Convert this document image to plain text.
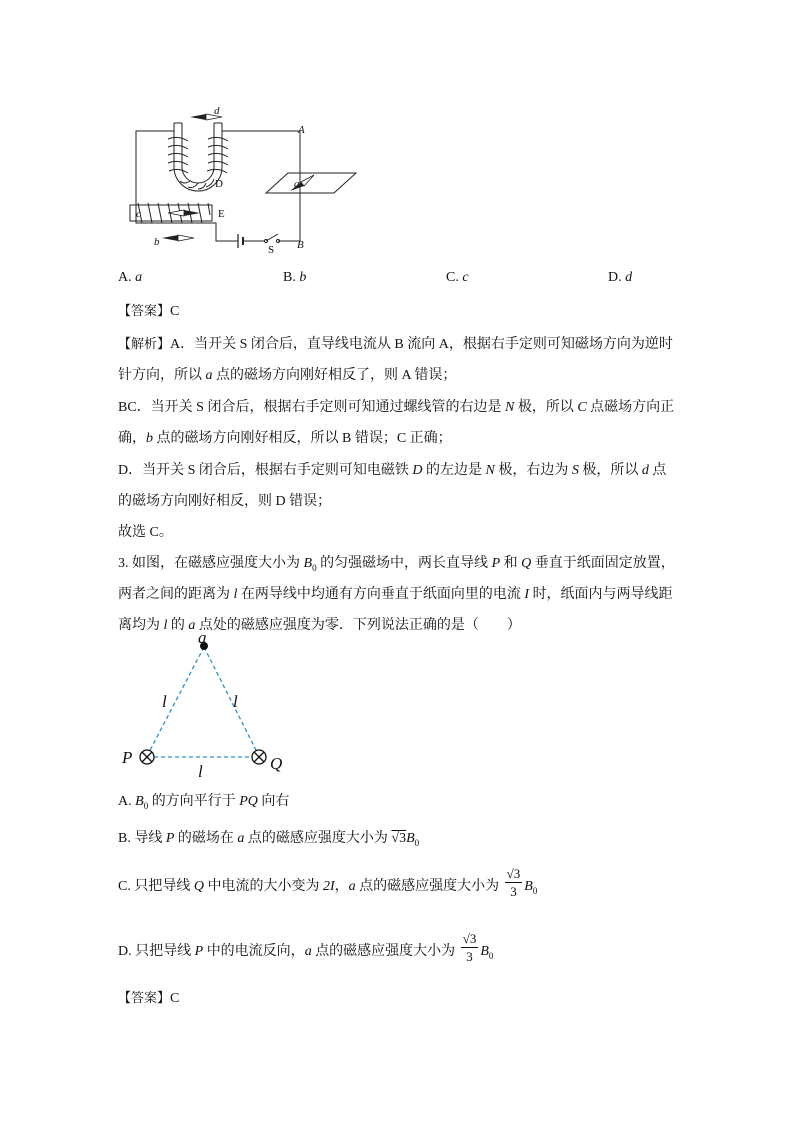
d
A
a
D
E
c
b
S B
A. a	B. b	C. c	D. d
【答案】C
【解析】A．当开关 S 闭合后，直导线电流从 B 流向 A，根据右手定则可知磁场方向为逆时
针方向，所以 a 点的磁场方向刚好相反了，则 A 错误；
BC．当开关 S 闭合后，根据右手定则可知通过螺线管的右边是 N 极，所以 C 点磁场方向正
确，b 点的磁场方向刚好相反，所以 B 错误；C 正确；
D．当开关 S 闭合后，根据右手定则可知电磁铁 D 的左边是 N 极，右边为 S 极，所以 d 点
的磁场方向刚好相反，则 D 错误；
故选 C。
3. 如图，在磁感应强度大小为 $B_0$ 的匀强磁场中，两长直导线 P 和 Q 垂直于纸面固定放置，
两者之间的距离为 l 在两导线中均通有方向垂直于纸面向里的电流 I 时，纸面内与两导线距
离均为 l 的 a 点处的磁感应强度为零．下列说法正确的是（　　）
a
l	l
l
P	Q
A. $B_0$ 的方向平行于 PQ 向右
B. 导线 P 的磁场在 a 点的磁感应强度大小为 $√3B_0$
C. 只把导线 Q 中电流的大小变为 2I，a 点的磁感应强度大小为 $\frac{√3}{3} B_0$
D. 只把导线 P 中的电流反向，a 点的磁感应强度大小为 $\frac{√3}{3} B_0$
【答案】C
